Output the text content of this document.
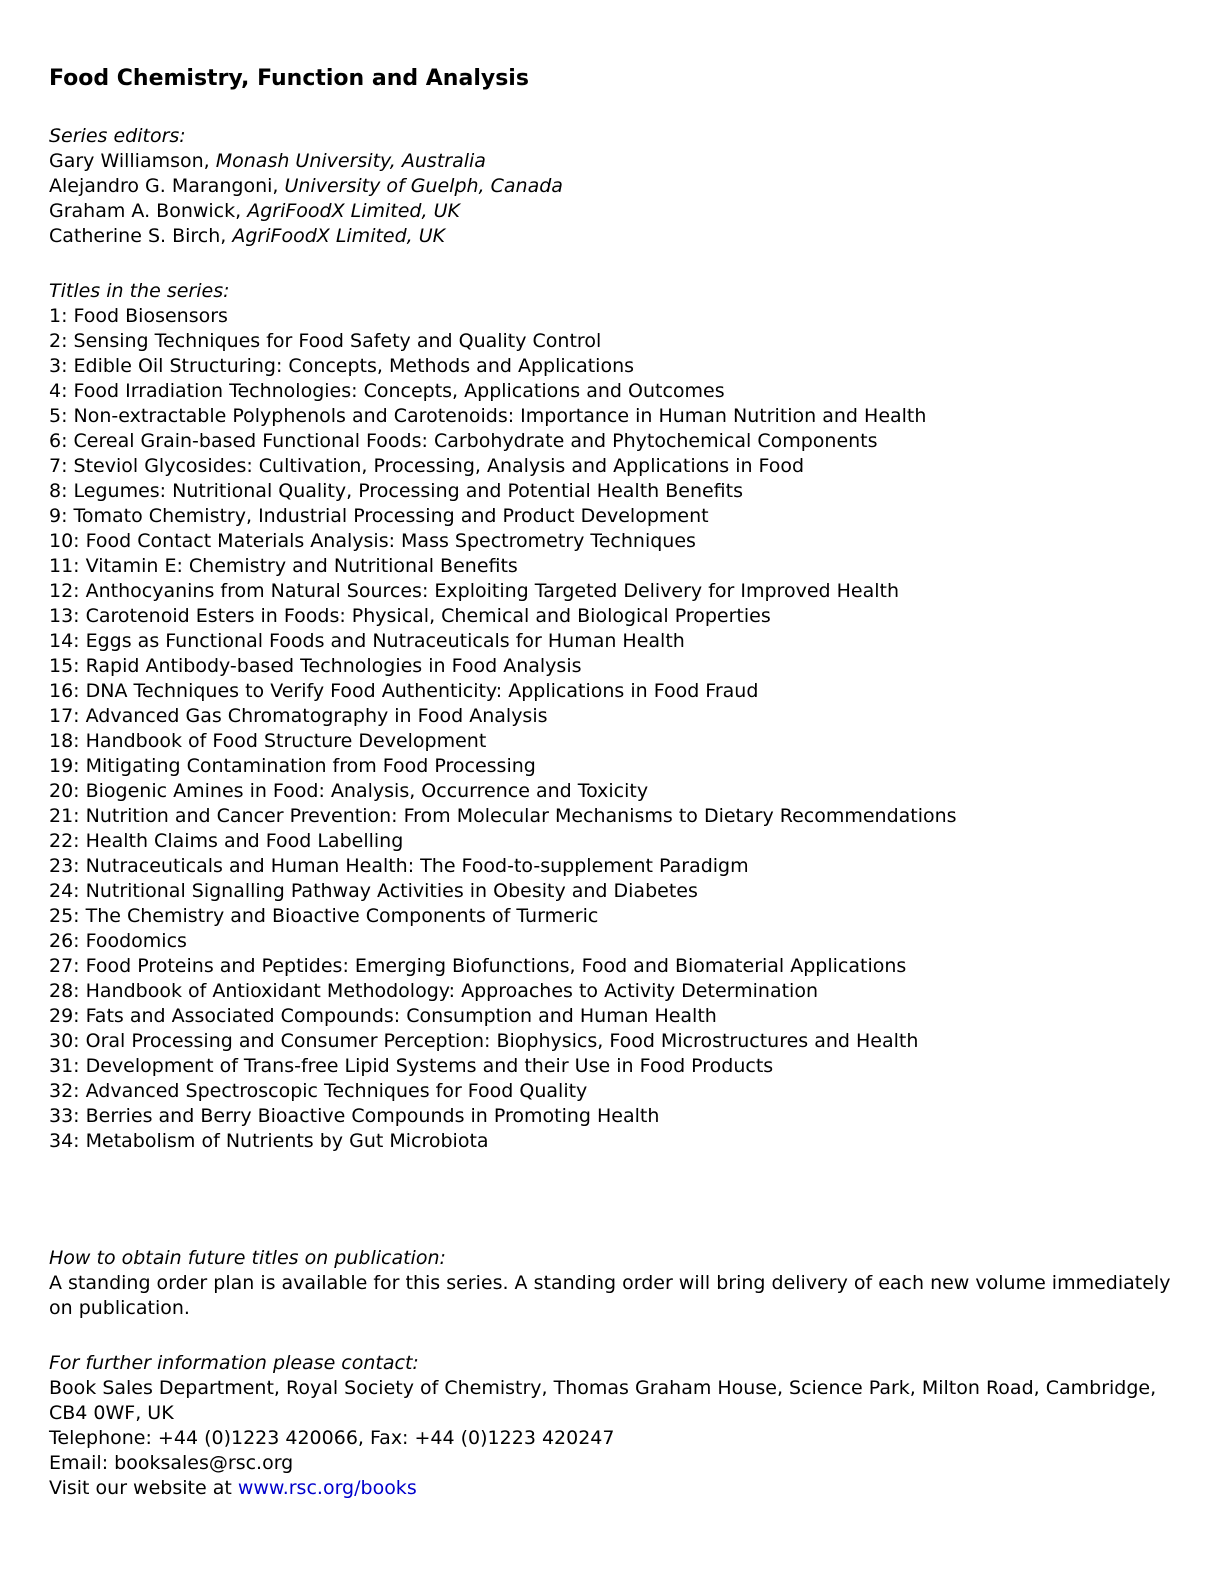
Food Chemistry, Function and Analysis
Series editors:
Gary Williamson, Monash University, Australia
Alejandro G. Marangoni, University of Guelph, Canada
Graham A. Bonwick, AgriFoodX Limited, UK
Catherine S. Birch, AgriFoodX Limited, UK
Titles in the series:
1: Food Biosensors
2: Sensing Techniques for Food Safety and Quality Control
3: Edible Oil Structuring: Concepts, Methods and Applications
4: Food Irradiation Technologies: Concepts, Applications and Outcomes
5: Non-extractable Polyphenols and Carotenoids: Importance in Human Nutrition and Health
6: Cereal Grain-based Functional Foods: Carbohydrate and Phytochemical Components
7: Steviol Glycosides: Cultivation, Processing, Analysis and Applications in Food
8: Legumes: Nutritional Quality, Processing and Potential Health Benefits
9: Tomato Chemistry, Industrial Processing and Product Development
10: Food Contact Materials Analysis: Mass Spectrometry Techniques
11: Vitamin E: Chemistry and Nutritional Benefits
12: Anthocyanins from Natural Sources: Exploiting Targeted Delivery for Improved Health
13: Carotenoid Esters in Foods: Physical, Chemical and Biological Properties
14: Eggs as Functional Foods and Nutraceuticals for Human Health
15: Rapid Antibody-based Technologies in Food Analysis
16: DNA Techniques to Verify Food Authenticity: Applications in Food Fraud
17: Advanced Gas Chromatography in Food Analysis
18: Handbook of Food Structure Development
19: Mitigating Contamination from Food Processing
20: Biogenic Amines in Food: Analysis, Occurrence and Toxicity
21: Nutrition and Cancer Prevention: From Molecular Mechanisms to Dietary Recommendations
22: Health Claims and Food Labelling
23: Nutraceuticals and Human Health: The Food-to-supplement Paradigm
24: Nutritional Signalling Pathway Activities in Obesity and Diabetes
25: The Chemistry and Bioactive Components of Turmeric
26: Foodomics
27: Food Proteins and Peptides: Emerging Biofunctions, Food and Biomaterial Applications
28: Handbook of Antioxidant Methodology: Approaches to Activity Determination
29: Fats and Associated Compounds: Consumption and Human Health
30: Oral Processing and Consumer Perception: Biophysics, Food Microstructures and Health
31: Development of Trans-free Lipid Systems and their Use in Food Products
32: Advanced Spectroscopic Techniques for Food Quality
33: Berries and Berry Bioactive Compounds in Promoting Health
34: Metabolism of Nutrients by Gut Microbiota
How to obtain future titles on publication:
A standing order plan is available for this series. A standing order will bring delivery of each new volume immediately on publication.
For further information please contact:
Book Sales Department, Royal Society of Chemistry, Thomas Graham House, Science Park, Milton Road, Cambridge, CB4 0WF, UK
Telephone: +44 (0)1223 420066, Fax: +44 (0)1223 420247
Email: booksales@rsc.org
Visit our website at www.rsc.org/books
